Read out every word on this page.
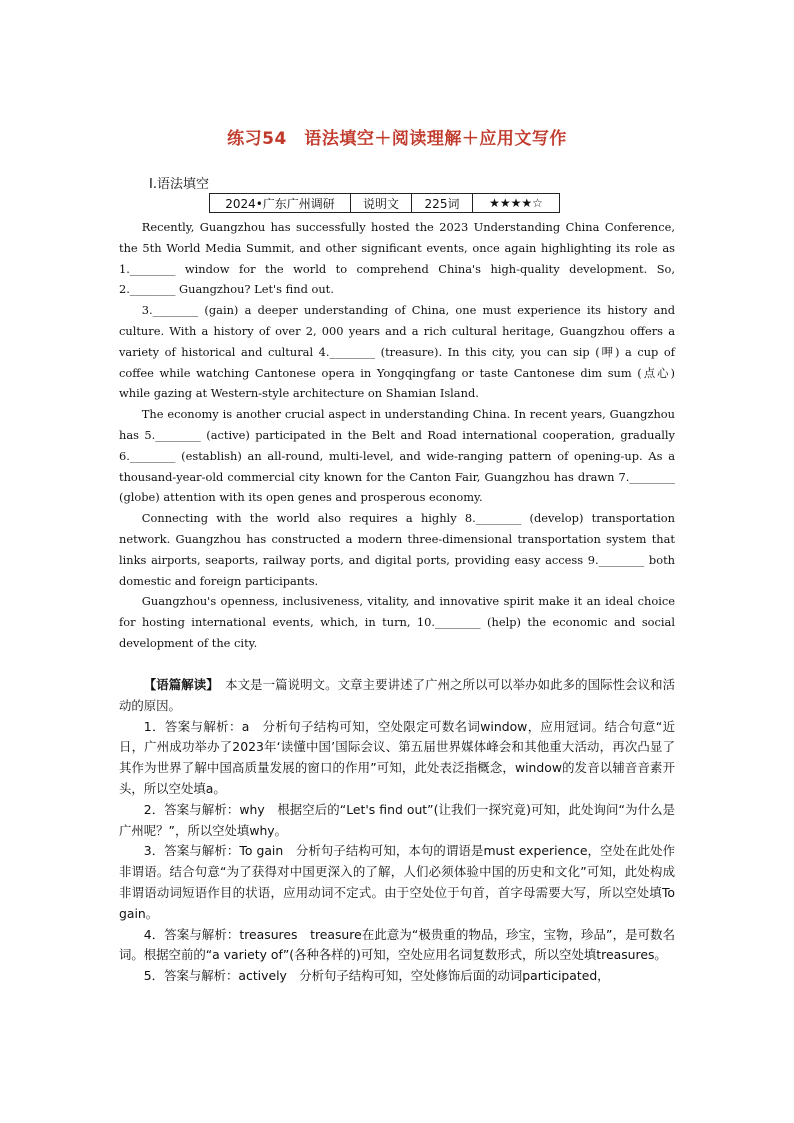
练习54　语法填空＋阅读理解＋应用文写作
Ⅰ.语法填空
2024•广东广州调研	说明文	225词	★★★★☆

Recently, Guangzhou has successfully hosted the 2023 Understanding China Conference, the 5th World Media Summit, and other significant events, once again highlighting its role as 1.________ window for the world to comprehend China's high-quality development. So, 2.________ Guangzhou? Let's find out.

3.________ (gain) a deeper understanding of China, one must experience its history and culture. With a history of over 2, 000 years and a rich cultural heritage, Guangzhou offers a variety of historical and cultural 4.________ (treasure). In this city, you can sip (呷) a cup of coffee while watching Cantonese opera in Yongqingfang or taste Cantonese dim sum (点心) while gazing at Western-style architecture on Shamian Island.

The economy is another crucial aspect in understanding China. In recent years, Guangzhou has 5.________ (active) participated in the Belt and Road international cooperation, gradually 6.________ (establish) an all-round, multi-level, and wide-ranging pattern of opening-up. As a thousand-year-old commercial city known for the Canton Fair, Guangzhou has drawn 7.________ (globe) attention with its open genes and prosperous economy.

Connecting with the world also requires a highly 8.________ (develop) transportation network. Guangzhou has constructed a modern three-dimensional transportation system that links airports, seaports, railway ports, and digital ports, providing easy access 9.________ both domestic and foreign participants.

Guangzhou's openness, inclusiveness, vitality, and innovative spirit make it an ideal choice for hosting international events, which, in turn, 10.________ (help) the economic and social development of the city.

【语篇解读】　 本文是一篇说明文。文章主要讲述了广州之所以可以举办如此多的国际性会议和活动的原因。

1．答案与解析：a　分析句子结构可知，空处限定可数名词window，应用冠词。结合句意“近日，广州成功举办了2023年‘读懂中国’国际会议、第五届世界媒体峰会和其他重大活动，再次凸显了其作为世界了解中国高质量发展的窗口的作用”可知，此处表泛指概念，window的发音以辅音音素开头，所以空处填a。

2．答案与解析：why　根据空后的“Let's find out”(让我们一探究竟)可知，此处询问“为什么是广州呢？”，所以空处填why。

3．答案与解析：To gain　分析句子结构可知，本句的谓语是must experience，空处在此处作非谓语。结合句意“为了获得对中国更深入的了解，人们必须体验中国的历史和文化”可知，此处构成非谓语动词短语作目的状语，应用动词不定式。由于空处位于句首，首字母需要大写，所以空处填To gain。

4．答案与解析：treasures　treasure在此意为“极贵重的物品，珍宝，宝物，珍品”，是可数名词。根据空前的“a variety of”(各种各样的)可知，空处应用名词复数形式，所以空处填treasures。

5．答案与解析：actively　分析句子结构可知，空处修饰后面的动词participated，
